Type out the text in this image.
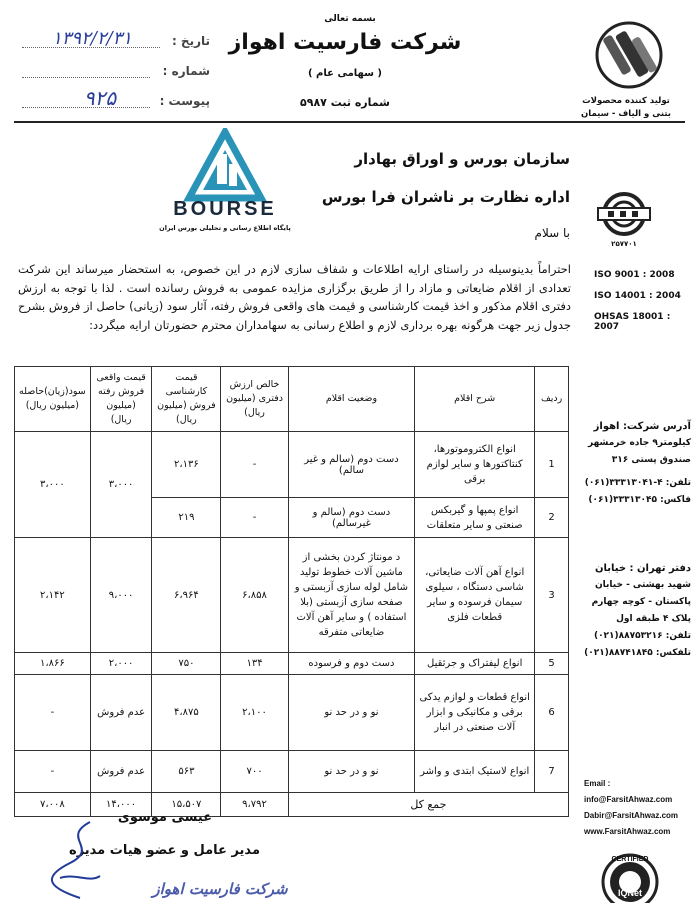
بسمه تعالی
شرکت فارسیت اهواز
( سهامی عام )
شماره ثبت ۵۹۸۷
تاریخ :
۱۳۹۲/۲/۳۱
شماره :
پیوست :
۹۲۵	تولید کننده محصولات
بتنی و الیاف - سیمان
BOURSE
پایگاه اطلاع رسانی و تحلیلی بورس ایران
سازمان بورس و اوراق بهادار
اداره نظارت بر ناشران فرا بورس
با سلام
احتراماً بدینوسیله در راستای ارایه اطلاعات و شفاف سازی لازم در این خصوص، به استحضار میرساند این شرکت تعدادی از اقلام ضایعاتی و مازاد را از طریق برگزاری مزایده عمومی به فروش رسانده است . لذا با توجه به ارزش دفتری اقلام مذکور و اخذ قیمت کارشناسی و قیمت های واقعی فروش رفته، آثار سود (زیانی) حاصل از فروش بشرح جدول زیر جهت هرگونه بهره برداری لازم و اطلاع رسانی به سهامداران محترم حضورتان ارایه میگردد:
۲۵۷۷۰۱
ISO 9001 : 2008
ISO 14001 : 2004
OHSAS 18001 : 2007
آدرس شرکت: اهواز
کیلومتر۹ جاده خرمشهر
صندوق پستی ۳۱۶
تلفن: ۴-۳۳۳۱۳۰۴۱(۰۶۱)
فاکس: ۳۳۳۱۳۰۴۵(۰۶۱)
دفتر تهران : خیابان
شهید بهشتی - خیابان
پاکستان - کوچه چهارم
پلاک ۴ طبقه اول
تلفن: ۸۸۷۵۳۲۱۶(۰۲۱)
تلفکس: ۸۸۷۴۱۸۴۵(۰۲۱)
Email :
info@FarsitAhwaz.com
Dabir@FarsitAhwaz.com
www.FarsitAhwaz.com
CERTIFIED
IQNet
ردیف	شرح اقلام	وضعیت اقلام	خالص ارزش دفتری (میلیون ریال)	قیمت کارشناسی فروش (میلیون ریال)	قیمت واقعی فروش رفته (میلیون ریال)	سود(زیان)حاصله (میلیون ریال)
1	انواع الکتروموتورها، کنتاکتورها و سایر لوازم برقی	دست دوم (سالم و غیر سالم)	-	۲،۱۳۶	۳،۰۰۰	۳،۰۰۰
2	انواع پمپها و گیربکس صنعتی و سایر متعلقات	دست دوم (سالم و غیرسالم)	-	۲۱۹		
3	انواع آهن آلات ضایعاتی، شاسی دستگاه ، سیلوی سیمان فرسوده و سایر قطعات فلزی	د مونتاژ کردن بخشی از ماشین آلات خطوط تولید شامل لوله سازی آزبستی و صفحه سازی آزبستی (بلا استفاده ) و سایر آهن آلات ضایعاتی متفرقه	۶،۸۵۸	۶،۹۶۴	۹،۰۰۰	۲،۱۴۲
5	انواع لیفتراک و جرثقیل	دست دوم و فرسوده	۱۳۴	۷۵۰	۲،۰۰۰	۱،۸۶۶
6	انواع قطعات و لوازم یدکی برقی و مکانیکی و ابزار آلات صنعتی در انبار	نو و در حد نو	۲،۱۰۰	۴،۸۷۵	عدم فروش	-
7	انواع لاستیک ابتدی و واشر	نو و در حد نو	۷۰۰	۵۶۳	عدم فروش	-
جمع کل			۹،۷۹۲	۱۵،۵۰۷	۱۴،۰۰۰	۷،۰۰۸
عیسی موسوی
مدیر عامل و عضو هیات مدیره
شرکت فارسیت اهواز
